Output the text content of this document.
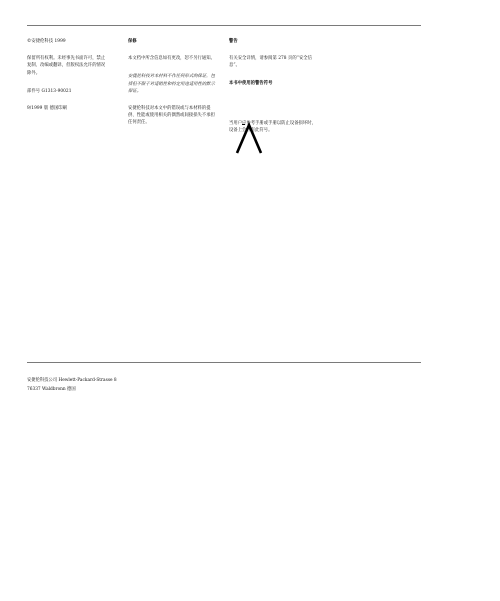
©安捷伦科技 1999

保留所有权利。未经事先书面许可，禁止复制、改编或翻译，但版权法允许的情况除外。

部件号 G1313-90021

9/1999 版 德国印刷

保修

本文档中所含信息如有更改，恕不另行通知。

安捷伦科技对本材料不作任何形式的保证，包括但不限于对适销性和特定用途适用性的默示保证。

安捷伦科技对本文中的错误或与本材料的提供、性能或使用相关的偶然或间接损失不承担任何责任。

警告

有关安全详情，请参阅第 278 页的“安全信息”。

本书中使用的警告符号

当用户应参考手册或手册以防止设备损坏时，设备上会标有此符号。

安捷伦科技公司 Hewlett-Packard-Strasse 8

76337 Waldbronn 德国
